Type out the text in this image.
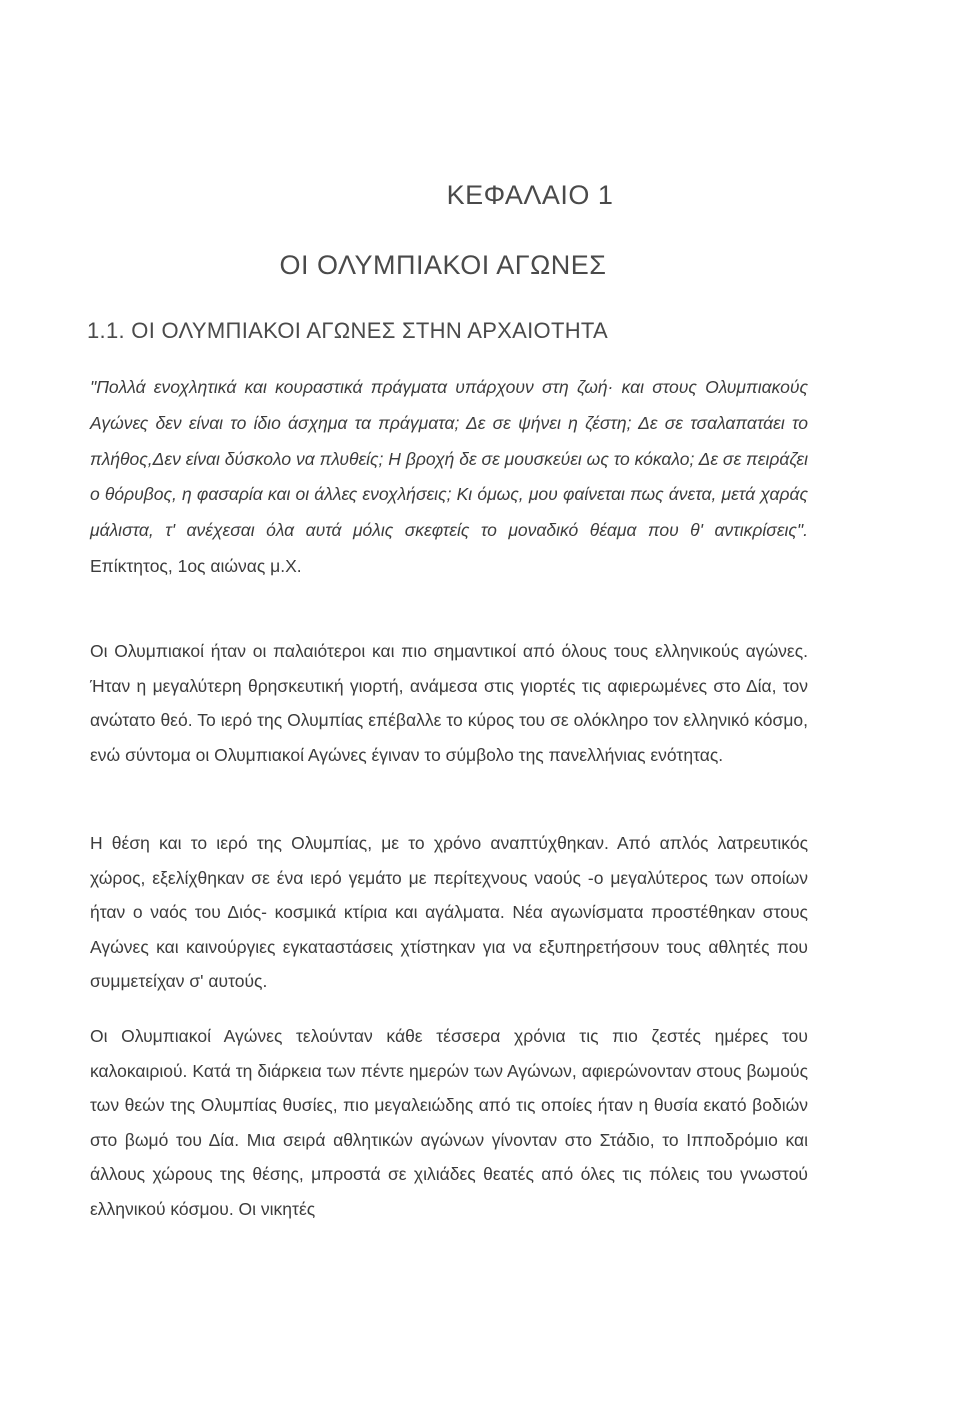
ΚΕΦΑΛΑΙΟ 1
ΟΙ ΟΛΥΜΠΙΑΚΟΙ ΑΓΩΝΕΣ
1.1. ΟΙ ΟΛΥΜΠΙΑΚΟΙ ΑΓΩΝΕΣ ΣΤΗΝ ΑΡΧΑΙΟΤΗΤΑ

"Πολλά ενοχλητικά και κουραστικά πράγματα υπάρχουν στη ζωή· και στους Ολυμπιακούς Αγώνες δεν είναι το ίδιο άσχημα τα πράγματα; Δε σε ψήνει η ζέστη; Δε σε τσαλαπατάει το πλήθος,Δεν είναι δύσκολο να πλυθείς; Η βροχή δε σε μουσκεύει ως το κόκαλο; Δε σε πειράζει ο θόρυβος, η φασαρία και οι άλλες ενοχλήσεις; Κι όμως, μου φαίνεται πως άνετα, μετά χαράς μάλιστα, τ' ανέχεσαι όλα αυτά μόλις σκεφτείς το μοναδικό θέαμα που θ' αντικρίσεις". Επίκτητος, 1ος αιώνας μ.Χ.

Οι Ολυμπιακοί ήταν οι παλαιότεροι και πιο σημαντικοί από όλους τους ελληνικούς αγώνες. Ήταν η μεγαλύτερη θρησκευτική γιορτή, ανάμεσα στις γιορτές τις αφιερωμένες στο Δία, τον ανώτατο θεό. Το ιερό της Ολυμπίας επέβαλλε το κύρος του σε ολόκληρο τον ελληνικό κόσμο, ενώ σύντομα οι Ολυμπιακοί Αγώνες έγιναν το σύμβολο της πανελλήνιας ενότητας.

Η θέση και το ιερό της Ολυμπίας, με το χρόνο αναπτύχθηκαν. Από απλός λατρευτικός χώρος, εξελίχθηκαν σε ένα ιερό γεμάτο με περίτεχνους ναούς -ο μεγαλύτερος των οποίων ήταν ο ναός του Διός- κοσμικά κτίρια και αγάλματα. Νέα αγωνίσματα προστέθηκαν στους Αγώνες και καινούργιες εγκαταστάσεις χτίστηκαν για να εξυπηρετήσουν τους αθλητές που συμμετείχαν σ' αυτούς.

Οι Ολυμπιακοί Αγώνες τελούνταν κάθε τέσσερα χρόνια τις πιο ζεστές ημέρες του καλοκαιριού. Κατά τη διάρκεια των πέντε ημερών των Αγώνων, αφιερώνονταν στους βωμούς των θεών της Ολυμπίας θυσίες, πιο μεγαλειώδης από τις οποίες ήταν η θυσία εκατό βοδιών στο βωμό του Δία. Μια σειρά αθλητικών αγώνων γίνονταν στο Στάδιο, το Ιπποδρόμιο και άλλους χώρους της θέσης, μπροστά σε χιλιάδες θεατές από όλες τις πόλεις του γνωστού ελληνικού κόσμου. Οι νικητές
